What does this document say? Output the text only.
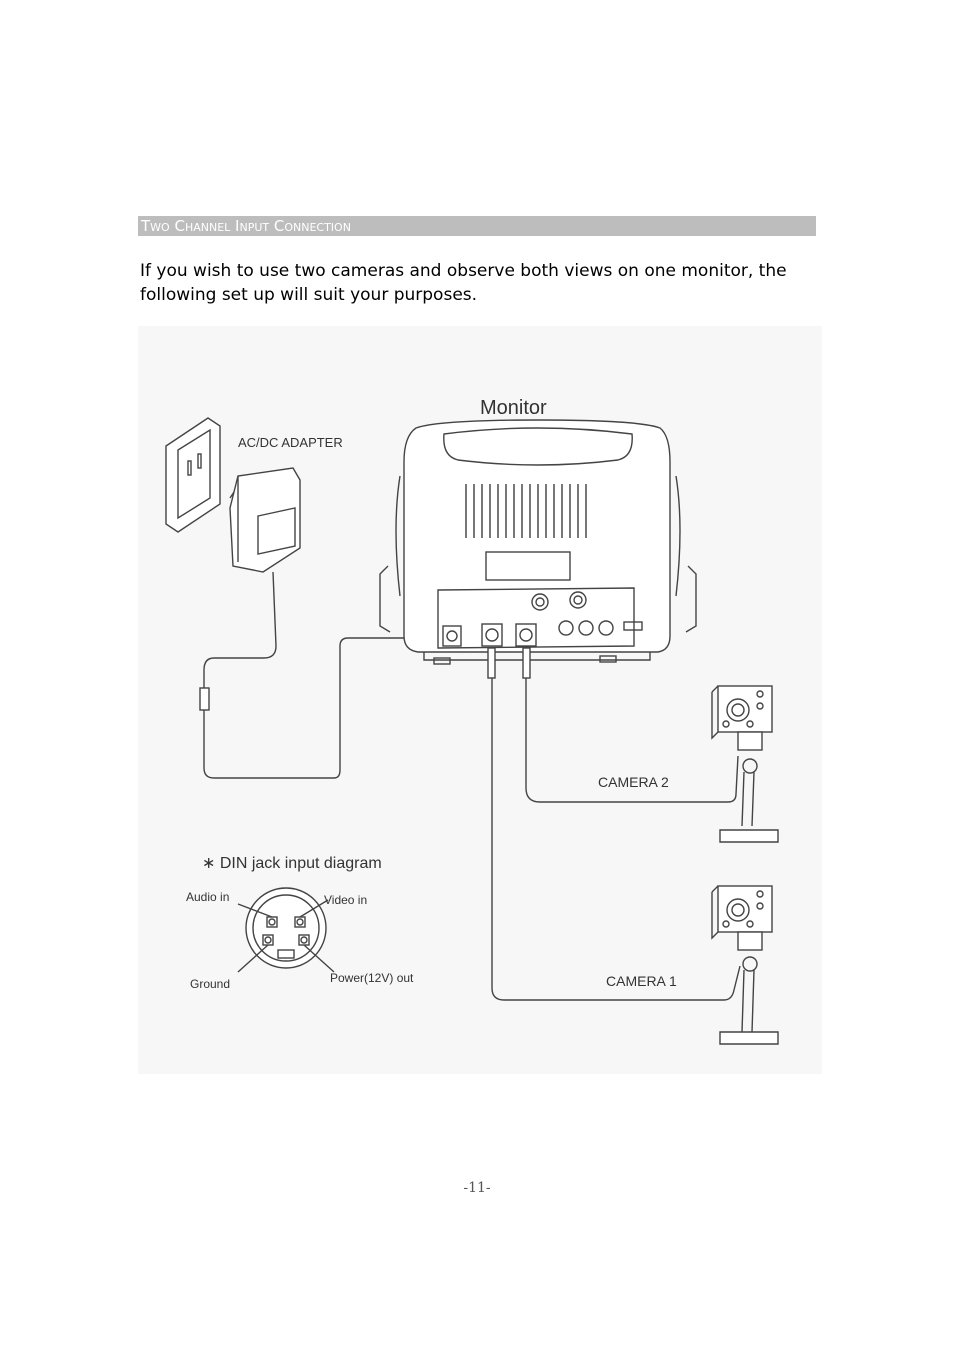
Two Channel Input Connection
If you wish to use two cameras and observe both views on one monitor, the following set up will suit your purposes.
Monitor
AC/DC ADAPTER
CAMERA 2
CAMERA 1
∗ DIN jack input diagram
Audio in	Video in
Ground	Power(12V) out
-11-
